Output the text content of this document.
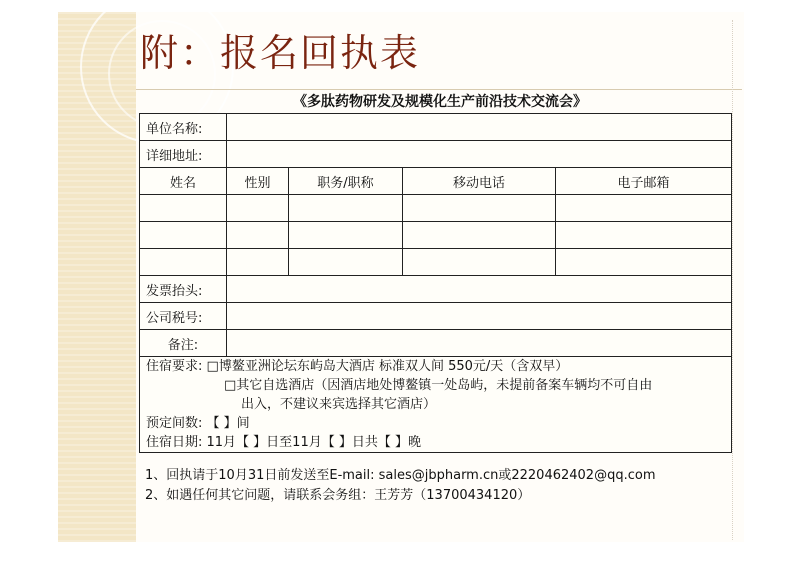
附：报名回执表
《多肽药物研发及规模化生产前沿技术交流会》
单位名称:				
详细地址:				
姓名	性别	职务/职称	移动电话	电子邮箱

发票抬头:				
公司税号:				
备注:				

住宿要求: □博鳌亚洲论坛东屿岛大酒店 标准双人间 550元/天（含双早）
□其它自选酒店（因酒店地处博鳌镇一处岛屿，未提前备案车辆均不可自由
出入，不建议来宾选择其它酒店）
预定间数: 【 】间
住宿日期: 11月【 】日至11月【 】日共【 】晚				
1、回执请于10月31日前发送至E-mail: sales@jbpharm.cn或2220462402@qq.com
2、如遇任何其它问题，请联系会务组：王芳芳（13700434120）
